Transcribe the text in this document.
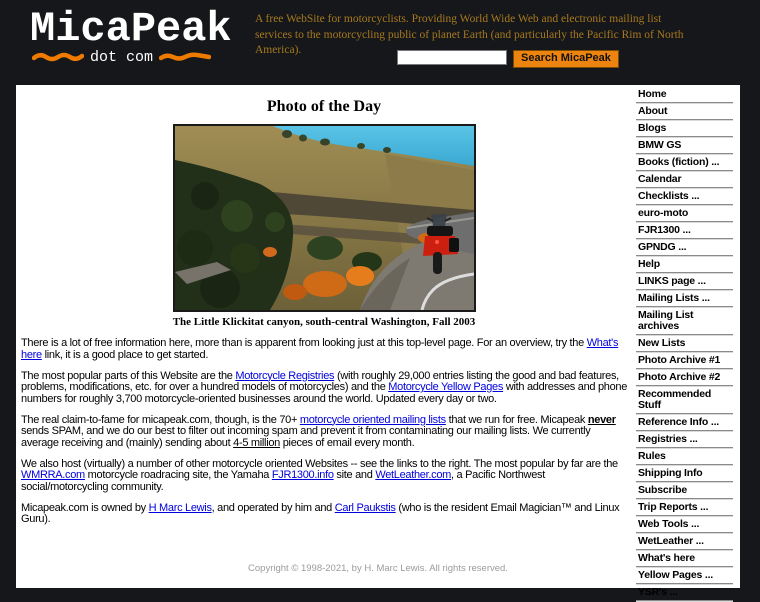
MicaPeak
dot com

A free WebSite for motorcyclists. Providing World Wide Web and electronic mailing list services to the motorcycling public of planet Earth (and particularly the Pacific Rim of North America).

Search MicaPeak
Photo of the Day
The Little Klickitat canyon, south-central Washington, Fall 2003

There is a lot of free information here, more than is apparent from looking just at this top-level page. For an overview, try the What's here link, it is a good place to get started.

The most popular parts of this Website are the Motorcycle Registries (with roughly 29,000 entries listing the good and bad features, problems, modifications, etc. for over a hundred models of motorcycles) and the Motorcycle Yellow Pages with addresses and phone numbers for roughly 3,700 motorcycle-oriented businesses around the world. Updated every day or two.

The real claim-to-fame for micapeak.com, though, is the 70+ motorcycle oriented mailing lists that we run for free. Micapeak never sends SPAM, and we do our best to filter out incoming spam and prevent it from contaminating our mailing lists. We currently average receiving and (mainly) sending about 4-5 million pieces of email every month.

We also host (virtually) a number of other motorcycle oriented Websites -- see the links to the right. The most popular by far are the WMRRA.com motorcycle roadracing site, the Yamaha FJR1300.info site and WetLeather.com, a Pacific Northwest social/motorcycling community.

Micapeak.com is owned by H Marc Lewis, and operated by him and Carl Paukstis (who is the resident Email Magician™ and Linux Guru).

Home
About
Blogs
BMW GS
Books (fiction) ...
Calendar
Checklists ...
euro-moto
FJR1300 ...
GPNDG ...
Help
LINKS page ...
Mailing Lists ...
Mailing List archives
New Lists
Photo Archive #1
Photo Archive #2
Recommended Stuff
Reference Info ...
Registries ...
Rules
Shipping Info
Subscribe
Trip Reports ...
Web Tools ...
WetLeather ...
What's here
Yellow Pages ...
YSR's ...
Copyright © 1998-2021, by H. Marc Lewis. All rights reserved.
